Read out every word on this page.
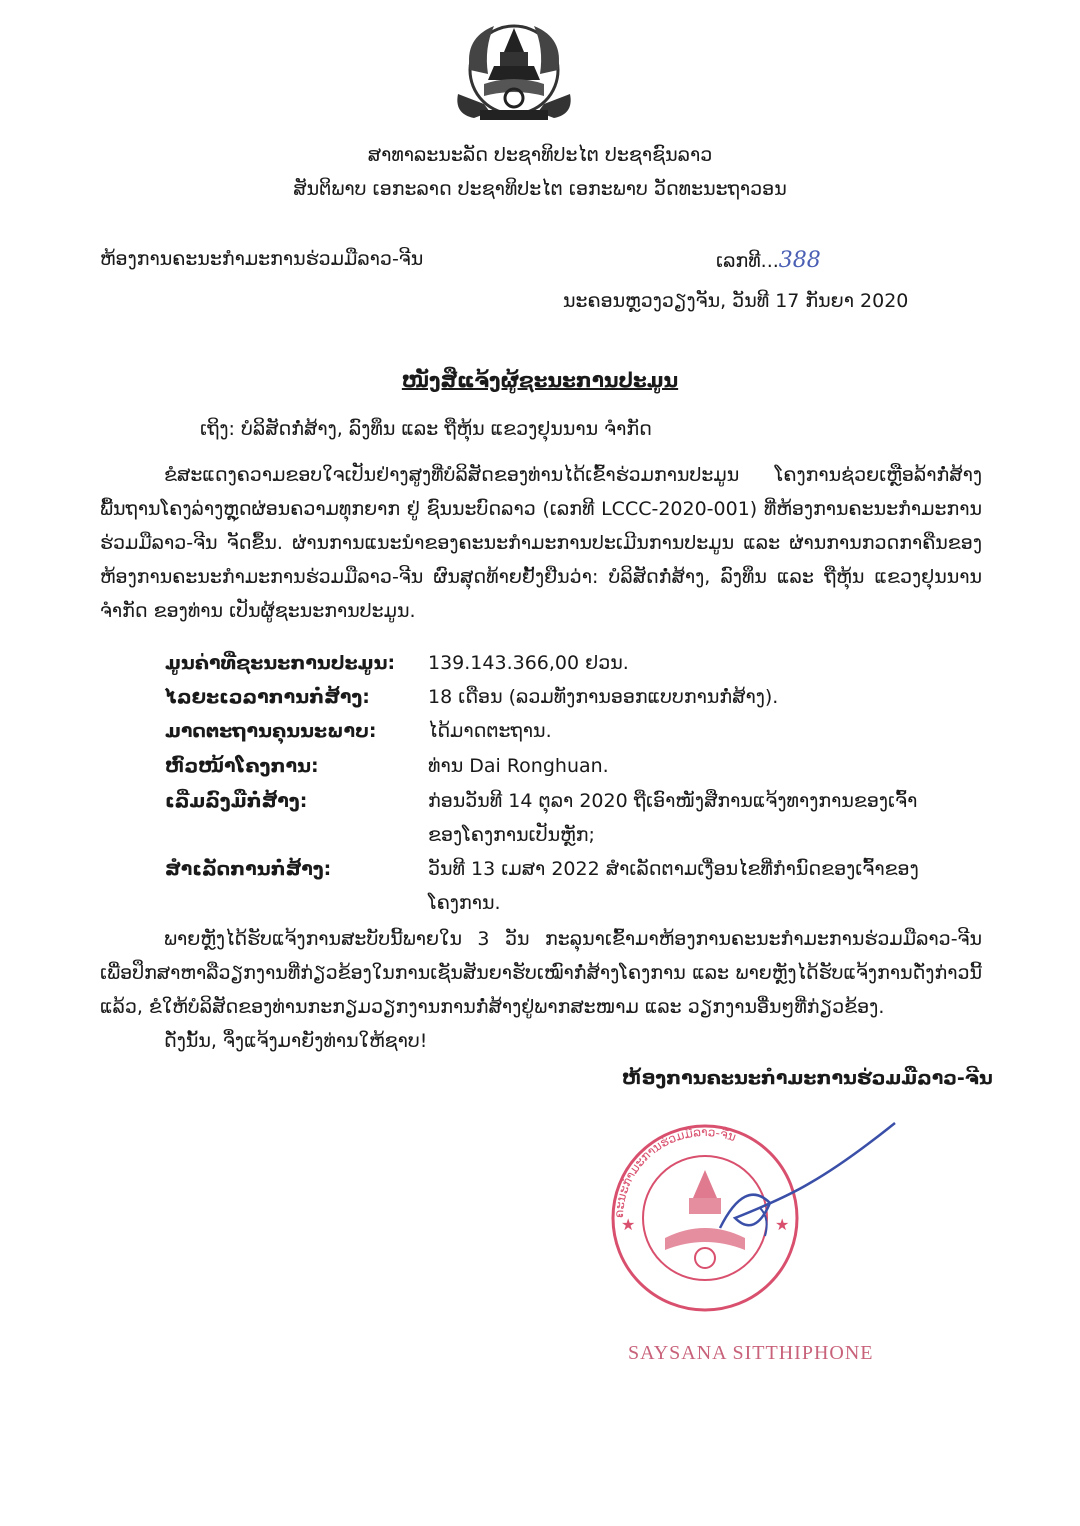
ສາທາລະນະລັດ ປະຊາທິປະໄຕ ປະຊາຊົນລາວ
ສັນຕິພາບ ເອກະລາດ ປະຊາທິປະໄຕ ເອກະພາບ ວັດທະນະຖາວອນ
ຫ້ອງການຄະນະກຳມະການຮ່ວມມືລາວ-ຈີນ	ເລກທີ...388
ນະຄອນຫຼວງວຽງຈັນ, ວັນທີ 17 ກັນຍາ 2020
ໜັງສືແຈ້ງຜູ້ຊະນະການປະມູນ
ເຖິງ: ບໍລິສັດກໍ່ສ້າງ, ລົງທຶນ ແລະ ຖືຫຸ້ນ ແຂວງຢຸນນານ ຈຳກັດ

ຂໍສະແດງຄວາມຂອບໃຈເປັນຢ່າງສູງທີ່ບໍລິສັດຂອງທ່ານໄດ້ເຂົ້າຮ່ວມການປະມູນ ໂຄງການຊ່ວຍເຫຼືອລ້າກໍ່ສ້າງພື້ນຖານໂຄງລ່າງຫຼຸດຜ່ອນຄວາມທຸກຍາກ ຢູ່ ຊົນນະບົດລາວ (ເລກທີ LCCC-2020-001) ທີ່ຫ້ອງການຄະນະກຳມະການຮ່ວມມືລາວ-ຈີນ ຈັດຂຶ້ນ. ຜ່ານການແນະນຳຂອງຄະນະກຳມະການປະເມີນການປະມູນ ແລະ ຜ່ານການກວດກາຄືນຂອງຫ້ອງການຄະນະກຳມະການຮ່ວມມືລາວ-ຈີນ ຜົນສຸດທ້າຍຢັ້ງຢືນວ່າ: ບໍລິສັດກໍ່ສ້າງ, ລົງທຶນ ແລະ ຖືຫຸ້ນ ແຂວງຢຸນນານ ຈຳກັດ ຂອງທ່ານ ເປັນຜູ້ຊະນະການປະມູນ.

ມູນຄ່າທີ່ຊະນະການປະມູນ: 139.143.366,00 ຢວນ.
ໄລຍະເວລາການກໍ່ສ້າງ:	18 ເດືອນ (ລວມທັງການອອກແບບການກໍ່ສ້າງ).
ມາດຕະຖານຄຸນນະພາບ:	ໄດ້ມາດຕະຖານ.
ຫົວໜ້າໂຄງການ:	ທ່ານ Dai Ronghuan.
ເລີ່ມລົງມືກໍ່ສ້າງ:	ກ່ອນວັນທີ 14 ຕຸລາ 2020 ຖືເອົາໜັງສືການແຈ້ງທາງການຂອງເຈົ້າຂອງໂຄງການເປັນຫຼັກ;
ສຳເລັດການກໍ່ສ້າງ:	ວັນທີ 13 ເມສາ 2022 ສຳເລັດຕາມເງື່ອນໄຂທີ່ກຳນົດຂອງເຈົ້າຂອງໂຄງການ.

ພາຍຫຼັງໄດ້ຮັບແຈ້ງການສະບັບນີ້ພາຍໃນ 3 ວັນ ກະລຸນາເຂົ້າມາຫ້ອງການຄະນະກຳມະການຮ່ວມມືລາວ-ຈີນ ເພື່ອປຶກສາຫາລືວຽກງານທີ່ກ່ຽວຂ້ອງໃນການເຊັນສັນຍາຮັບເໝົາກໍ່ສ້າງໂຄງການ ແລະ ພາຍຫຼັງໄດ້ຮັບແຈ້ງການດັ່ງກ່າວນີ້ແລ້ວ, ຂໍໃຫ້ບໍລິສັດຂອງທ່ານກະກຽມວຽກງານການກໍ່ສ້າງຢູ່ພາກສະໜາມ ແລະ ວຽກງານອື່ນໆທີ່ກ່ຽວຂ້ອງ.

ດັ່ງນັ້ນ, ຈຶ່ງແຈ້ງມາຍັງທ່ານໃຫ້ຊາບ!

ຫ້ອງການຄະນະກຳມະການຮ່ວມມືລາວ-ຈີນ
★	★
ຄະນະກຳມະການຮ່ວມມືລາວ-ຈີນ
SAYSANA SITTHIPHONE
